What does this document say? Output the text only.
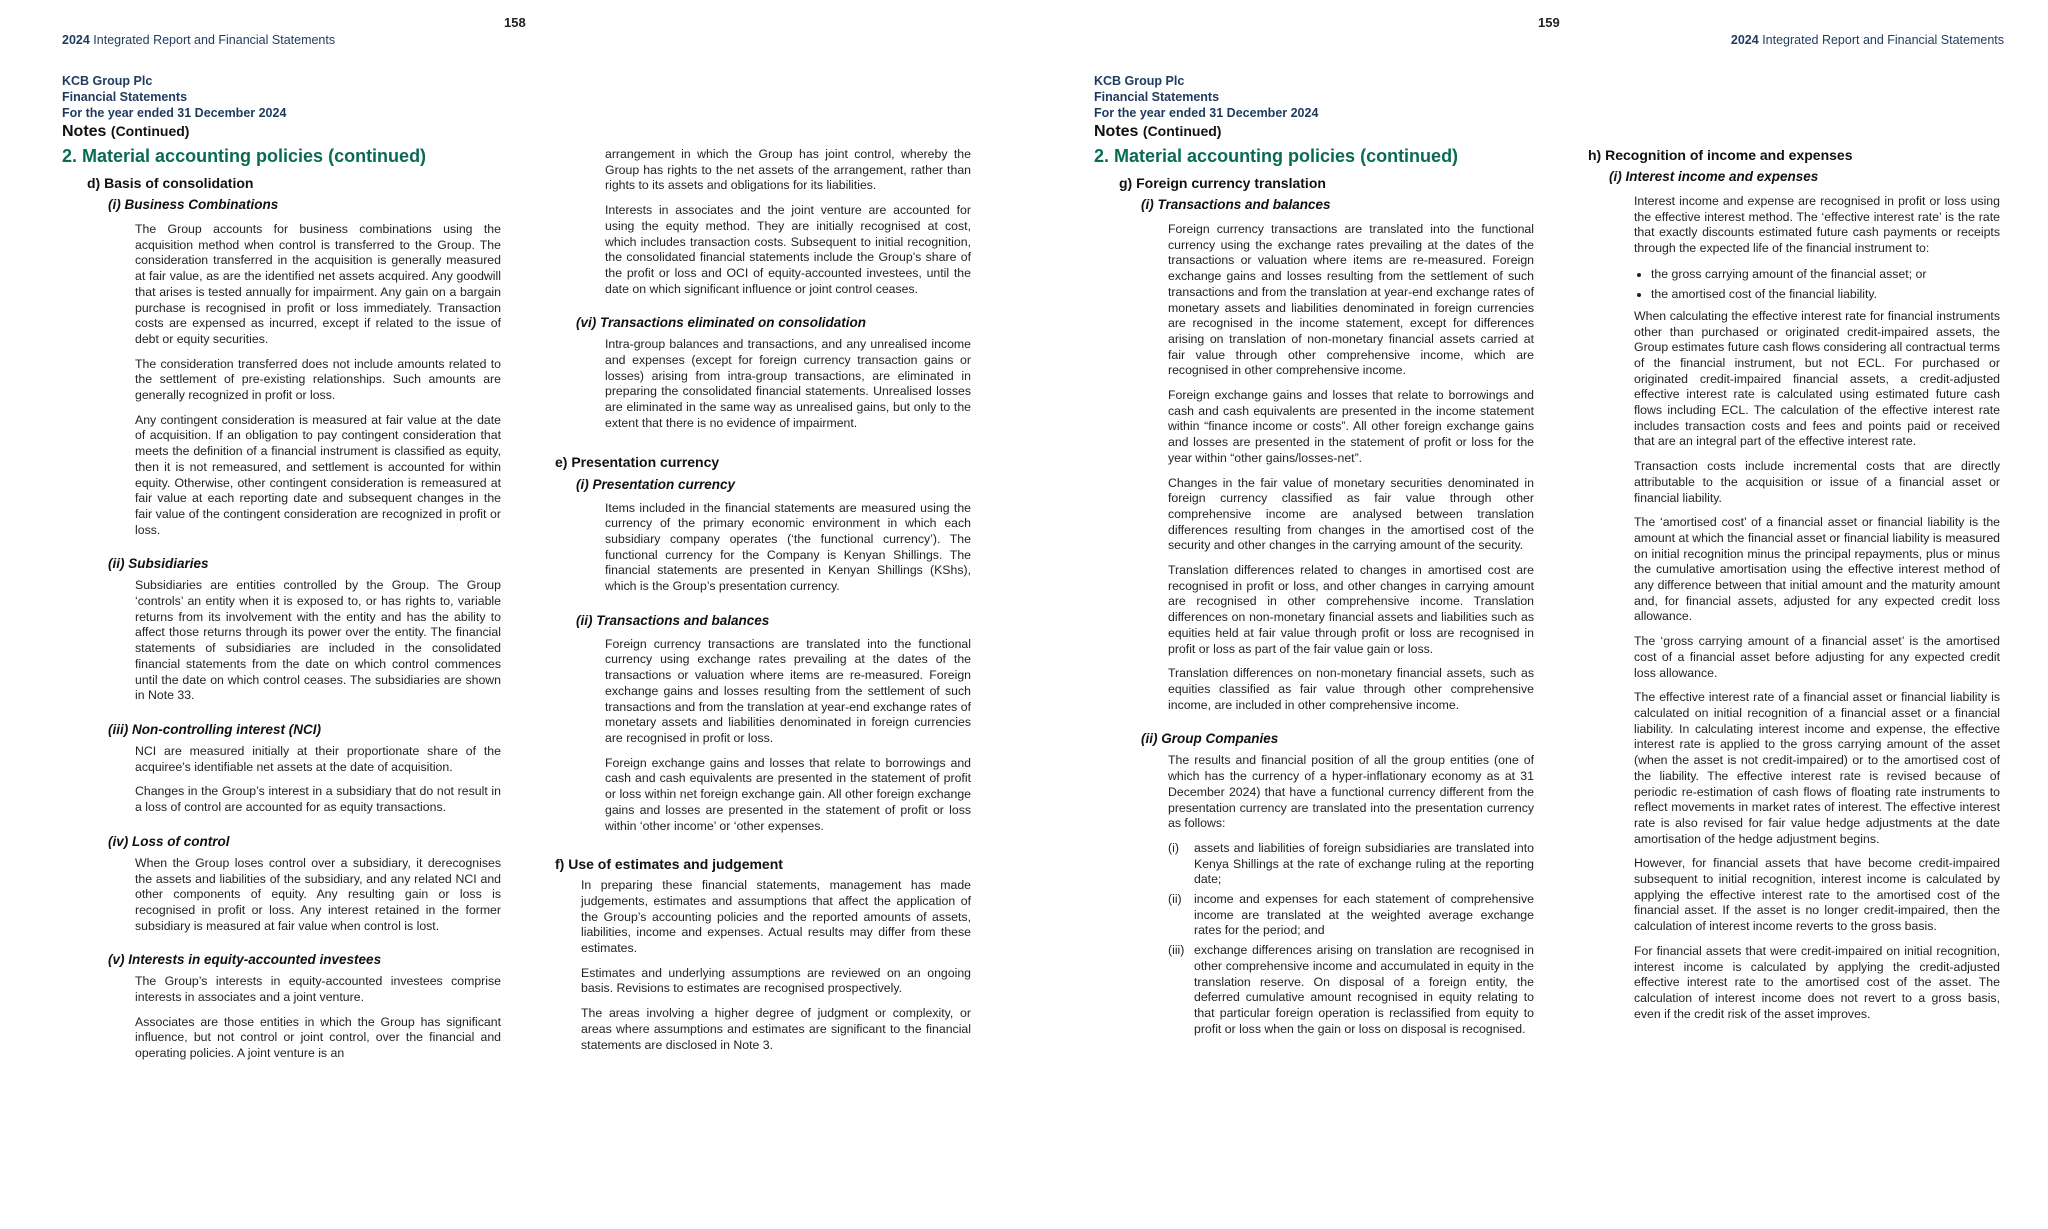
158
2024 Integrated Report and Financial Statements
KCB Group Plc
Financial Statements
For the year ended 31 December 2024
Notes (Continued)
2. Material accounting policies (continued)
d) Basis of consolidation
(i) Business Combinations

The Group accounts for business combinations using the acquisition method when control is transferred to the Group. The consideration transferred in the acquisition is generally measured at fair value, as are the identified net assets acquired. Any goodwill that arises is tested annually for impairment. Any gain on a bargain purchase is recognised in profit or loss immediately. Transaction costs are expensed as incurred, except if related to the issue of debt or equity securities.

The consideration transferred does not include amounts related to the settlement of pre-existing relationships. Such amounts are generally recognized in profit or loss.

Any contingent consideration is measured at fair value at the date of acquisition. If an obligation to pay contingent consideration that meets the definition of a financial instrument is classified as equity, then it is not remeasured, and settlement is accounted for within equity. Otherwise, other contingent consideration is remeasured at fair value at each reporting date and subsequent changes in the fair value of the contingent consideration are recognized in profit or loss.

(ii) Subsidiaries

Subsidiaries are entities controlled by the Group. The Group ‘controls’ an entity when it is exposed to, or has rights to, variable returns from its involvement with the entity and has the ability to affect those returns through its power over the entity. The financial statements of subsidiaries are included in the consolidated financial statements from the date on which control commences until the date on which control ceases. The subsidiaries are shown in Note 33.

(iii) Non-controlling interest (NCI)

NCI are measured initially at their proportionate share of the acquiree’s identifiable net assets at the date of acquisition.

Changes in the Group’s interest in a subsidiary that do not result in a loss of control are accounted for as equity transactions.

(iv) Loss of control

When the Group loses control over a subsidiary, it derecognises the assets and liabilities of the subsidiary, and any related NCI and other components of equity. Any resulting gain or loss is recognised in profit or loss. Any interest retained in the former subsidiary is measured at fair value when control is lost.

(v) Interests in equity-accounted investees

The Group’s interests in equity-accounted investees comprise interests in associates and a joint venture.

Associates are those entities in which the Group has significant influence, but not control or joint control, over the financial and operating policies. A joint venture is an

arrangement in which the Group has joint control, whereby the Group has rights to the net assets of the arrangement, rather than rights to its assets and obligations for its liabilities.

Interests in associates and the joint venture are accounted for using the equity method. They are initially recognised at cost, which includes transaction costs. Subsequent to initial recognition, the consolidated financial statements include the Group’s share of the profit or loss and OCI of equity-accounted investees, until the date on which significant influence or joint control ceases.

(vi) Transactions eliminated on consolidation

Intra-group balances and transactions, and any unrealised income and expenses (except for foreign currency transaction gains or losses) arising from intra-group transactions, are eliminated in preparing the consolidated financial statements. Unrealised losses are eliminated in the same way as unrealised gains, but only to the extent that there is no evidence of impairment.

e) Presentation currency
(i) Presentation currency

Items included in the financial statements are measured using the currency of the primary economic environment in which each subsidiary company operates (‘the functional currency’). The functional currency for the Company is Kenyan Shillings. The financial statements are presented in Kenyan Shillings (KShs), which is the Group’s presentation currency.

(ii) Transactions and balances

Foreign currency transactions are translated into the functional currency using exchange rates prevailing at the dates of the transactions or valuation where items are re-measured. Foreign exchange gains and losses resulting from the settlement of such transactions and from the translation at year-end exchange rates of monetary assets and liabilities denominated in foreign currencies are recognised in profit or loss.

Foreign exchange gains and losses that relate to borrowings and cash and cash equivalents are presented in the statement of profit or loss within net foreign exchange gain. All other foreign exchange gains and losses are presented in the statement of profit or loss within ‘other income’ or ‘other expenses.

f) Use of estimates and judgement

In preparing these financial statements, management has made judgements, estimates and assumptions that affect the application of the Group’s accounting policies and the reported amounts of assets, liabilities, income and expenses. Actual results may differ from these estimates.

Estimates and underlying assumptions are reviewed on an ongoing basis. Revisions to estimates are recognised prospectively.

The areas involving a higher degree of judgment or complexity, or areas where assumptions and estimates are significant to the financial statements are disclosed in Note 3.

159
2024 Integrated Report and Financial Statements
KCB Group Plc
Financial Statements
For the year ended 31 December 2024
Notes (Continued)
2. Material accounting policies (continued)
g) Foreign currency translation
(i) Transactions and balances

Foreign currency transactions are translated into the functional currency using the exchange rates prevailing at the dates of the transactions or valuation where items are re-measured. Foreign exchange gains and losses resulting from the settlement of such transactions and from the translation at year-end exchange rates of monetary assets and liabilities denominated in foreign currencies are recognised in the income statement, except for differences arising on translation of non-monetary financial assets carried at fair value through other comprehensive income, which are recognised in other comprehensive income.

Foreign exchange gains and losses that relate to borrowings and cash and cash equivalents are presented in the income statement within “finance income or costs”. All other foreign exchange gains and losses are presented in the statement of profit or loss for the year within “other gains/losses-net”.

Changes in the fair value of monetary securities denominated in foreign currency classified as fair value through other comprehensive income are analysed between translation differences resulting from changes in the amortised cost of the security and other changes in the carrying amount of the security.

Translation differences related to changes in amortised cost are recognised in profit or loss, and other changes in carrying amount are recognised in other comprehensive income. Translation differences on non-monetary financial assets and liabilities such as equities held at fair value through profit or loss are recognised in profit or loss as part of the fair value gain or loss.

Translation differences on non-monetary financial assets, such as equities classified as fair value through other comprehensive income, are included in other comprehensive income.

(ii) Group Companies

The results and financial position of all the group entities (one of which has the currency of a hyper-inflationary economy as at 31 December 2024) that have a functional currency different from the presentation currency are translated into the presentation currency as follows:

(i)	assets and liabilities of foreign subsidiaries are translated into Kenya Shillings at the rate of exchange ruling at the reporting date;
(ii)	income and expenses for each statement of comprehensive income are translated at the weighted average exchange rates for the period; and
(iii) exchange differences arising on translation are recognised in other comprehensive income and accumulated in equity in the translation reserve. On disposal of a foreign entity, the deferred cumulative amount recognised in equity relating to that particular foreign operation is reclassified from equity to profit or loss when the gain or loss on disposal is recognised.
h) Recognition of income and expenses
(i) Interest income and expenses

Interest income and expense are recognised in profit or loss using the effective interest method. The ‘effective interest rate’ is the rate that exactly discounts estimated future cash payments or receipts through the expected life of the financial instrument to:

• the gross carrying amount of the financial asset; or
• the amortised cost of the financial liability.

When calculating the effective interest rate for financial instruments other than purchased or originated credit-impaired assets, the Group estimates future cash flows considering all contractual terms of the financial instrument, but not ECL. For purchased or originated credit-impaired financial assets, a credit-adjusted effective interest rate is calculated using estimated future cash flows including ECL. The calculation of the effective interest rate includes transaction costs and fees and points paid or received that are an integral part of the effective interest rate.

Transaction costs include incremental costs that are directly attributable to the acquisition or issue of a financial asset or financial liability.

The ‘amortised cost’ of a financial asset or financial liability is the amount at which the financial asset or financial liability is measured on initial recognition minus the principal repayments, plus or minus the cumulative amortisation using the effective interest method of any difference between that initial amount and the maturity amount and, for financial assets, adjusted for any expected credit loss allowance.

The ‘gross carrying amount of a financial asset’ is the amortised cost of a financial asset before adjusting for any expected credit loss allowance.

The effective interest rate of a financial asset or financial liability is calculated on initial recognition of a financial asset or a financial liability. In calculating interest income and expense, the effective interest rate is applied to the gross carrying amount of the asset (when the asset is not credit-impaired) or to the amortised cost of the liability. The effective interest rate is revised because of periodic re-estimation of cash flows of floating rate instruments to reflect movements in market rates of interest. The effective interest rate is also revised for fair value hedge adjustments at the date amortisation of the hedge adjustment begins.

However, for financial assets that have become credit-impaired subsequent to initial recognition, interest income is calculated by applying the effective interest rate to the amortised cost of the financial asset. If the asset is no longer credit-impaired, then the calculation of interest income reverts to the gross basis.

For financial assets that were credit-impaired on initial recognition, interest income is calculated by applying the credit-adjusted effective interest rate to the amortised cost of the asset. The calculation of interest income does not revert to a gross basis, even if the credit risk of the asset improves.
